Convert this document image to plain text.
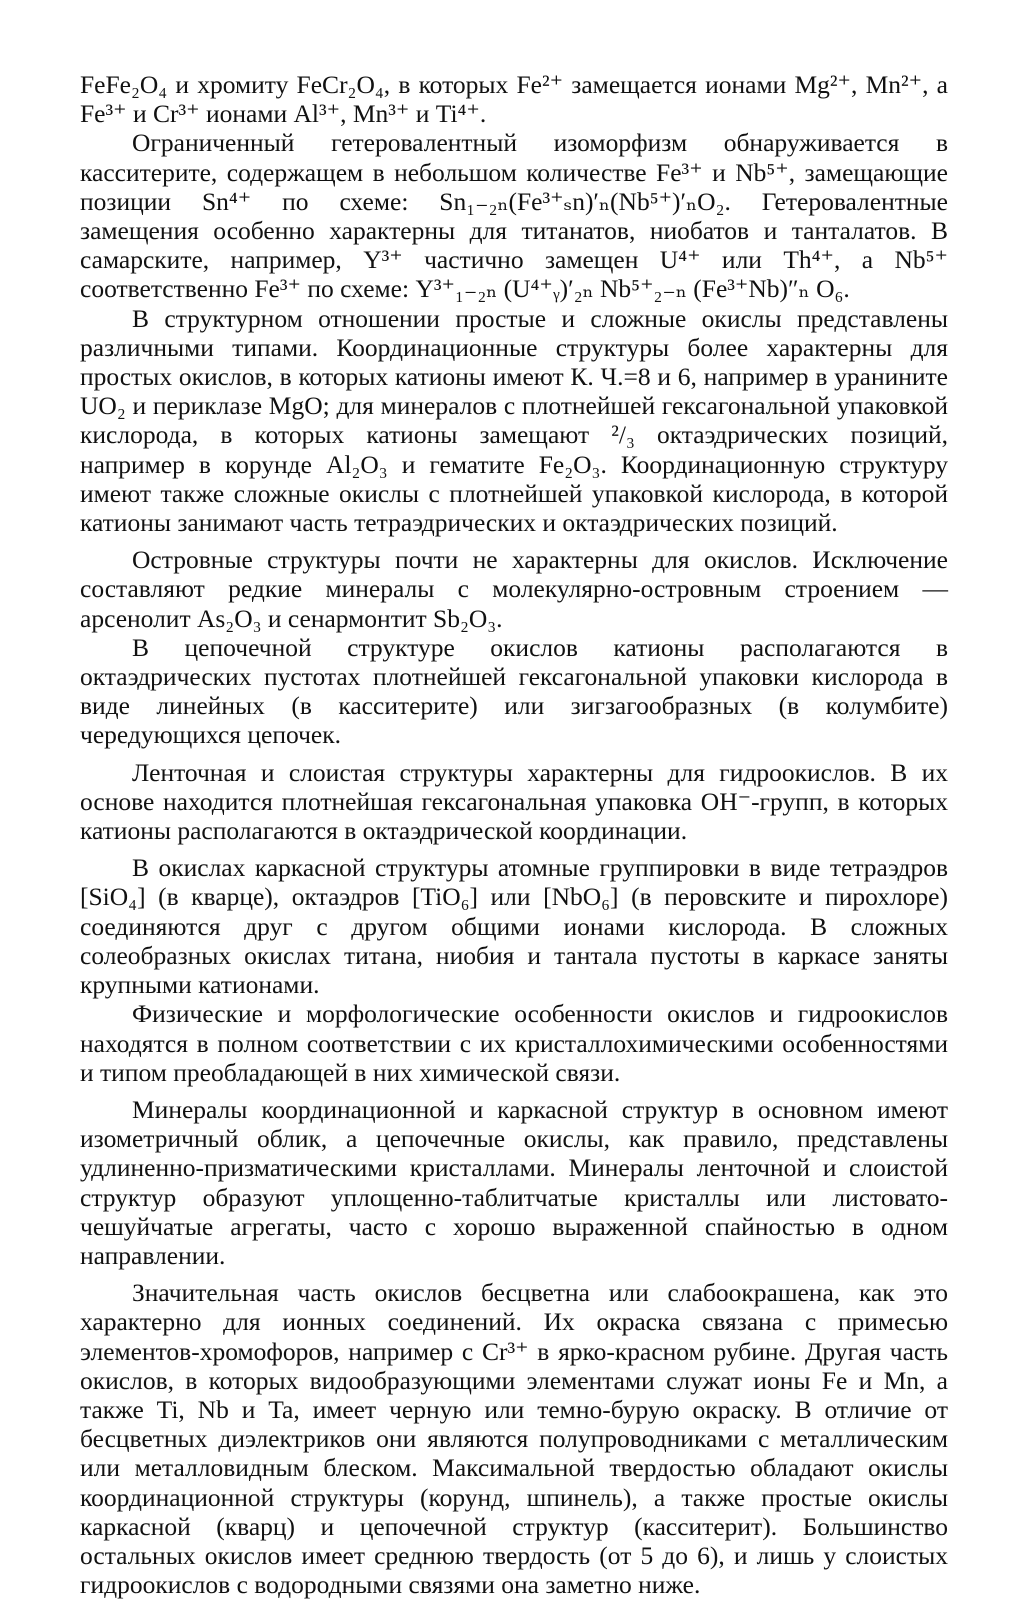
FeFe₂O₄ и хромиту FeCr₂O₄, в которых Fe²⁺ замещается ионами Mg²⁺, Mn²⁺, а Fe³⁺ и Cr³⁺ ионами Al³⁺, Mn³⁺ и Ti⁴⁺.

Ограниченный гетеровалентный изоморфизм обнаруживается в касситерите, содержащем в небольшом количестве Fe³⁺ и Nb⁵⁺, замещающие позиции Sn⁴⁺ по схеме: Sn₁₋₂ₙ(Fe³⁺ₛn)′ₙ(Nb⁵⁺)′ₙO₂. Гетеровалентные замещения особенно характерны для титанатов, ниобатов и танталатов. В самарските, например, Y³⁺ частично замещен U⁴⁺ или Th⁴⁺, а Nb⁵⁺ соответственно Fe³⁺ по схеме: Y³⁺₁₋₂ₙ (U⁴⁺ᵧ)′₂ₙ Nb⁵⁺₂₋ₙ (Fe³⁺Nb)″ₙ O₆.

В структурном отношении простые и сложные окислы представлены различными типами. Координационные структуры более характерны для простых окислов, в которых катионы имеют К. Ч.=8 и 6, например в уранините UO₂ и периклазе MgO; для минералов с плотнейшей гексагональной упаковкой кислорода, в которых катионы замещают ²/₃ октаэдрических позиций, например в корунде Al₂O₃ и гематите Fe₂O₃. Координационную структуру имеют также сложные окислы с плотнейшей упаковкой кислорода, в которой катионы занимают часть тетраэдрических и октаэдрических позиций.

Островные структуры почти не характерны для окислов. Исключение составляют редкие минералы с молекулярно-островным строением — арсенолит As₂O₃ и сенармонтит Sb₂O₃.

В цепочечной структуре окислов катионы располагаются в октаэдрических пустотах плотнейшей гексагональной упаковки кислорода в виде линейных (в касситерите) или зигзагообразных (в колумбите) чередующихся цепочек.

Ленточная и слоистая структуры характерны для гидроокислов. В их основе находится плотнейшая гексагональная упаковка OH⁻-групп, в которых катионы располагаются в октаэдрической координации.

В окислах каркасной структуры атомные группировки в виде тетраэдров [SiO₄] (в кварце), октаэдров [TiO₆] или [NbO₆] (в перовските и пирохлоре) соединяются друг с другом общими ионами кислорода. В сложных солеобразных окислах титана, ниобия и тантала пустоты в каркасе заняты крупными катионами.

Физические и морфологические особенности окислов и гидроокислов находятся в полном соответствии с их кристаллохимическими особенностями и типом преобладающей в них химической связи.

Минералы координационной и каркасной структур в основном имеют изометричный облик, а цепочечные окислы, как правило, представлены удлиненно-призматическими кристаллами. Минералы ленточной и слоистой структур образуют уплощенно-таблитчатые кристаллы или листовато-чешуйчатые агрегаты, часто с хорошо выраженной спайностью в одном направлении.

Значительная часть окислов бесцветна или слабоокрашена, как это характерно для ионных соединений. Их окраска связана с примесью элементов-хромофоров, например с Cr³⁺ в ярко-красном рубине. Другая часть окислов, в которых видообразующими элементами служат ионы Fe и Mn, а также Ti, Nb и Ta, имеет черную или темно-бурую окраску. В отличие от бесцветных диэлектриков они являются полупроводниками с металлическим или металловидным блеском. Максимальной твердостью обладают окислы координационной структуры (корунд, шпинель), а также простые окислы каркасной (кварц) и цепочечной структур (касситерит). Большинство остальных окислов имеет среднюю твердость (от 5 до 6), и лишь у слоистых гидроокислов с водородными связями она заметно ниже.
